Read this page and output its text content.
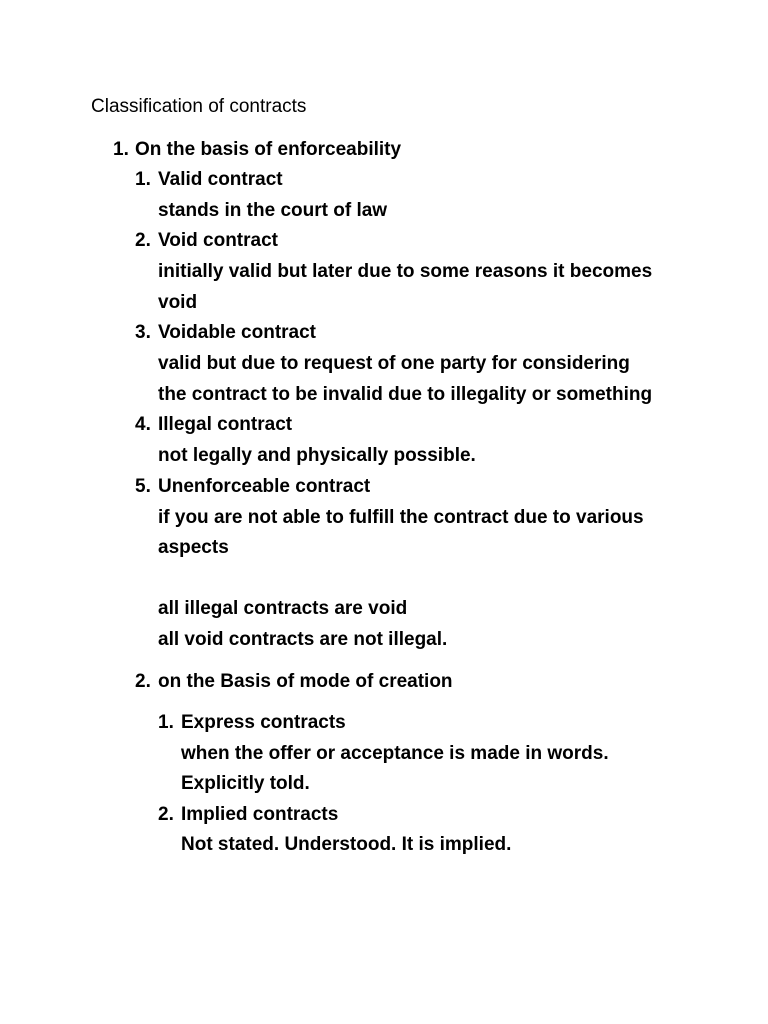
Classification of contracts
1. On the basis of enforceability
1. Valid contract
stands in the court of law
2. Void contract
initially valid but later due to some reasons it becomes
void
3. Voidable contract
valid but due to request of one party for considering
the contract to be invalid due to illegality or something
4. Illegal contract
not legally and physically possible.
5. Unenforceable contract
if you are not able to fulfill the contract due to various
aspects
all illegal contracts are void
all void contracts are not illegal.
2. on the Basis of mode of creation
1. Express contracts
when the offer or acceptance is made in words.
Explicitly told.
2. Implied contracts
Not stated. Understood. It is implied.
